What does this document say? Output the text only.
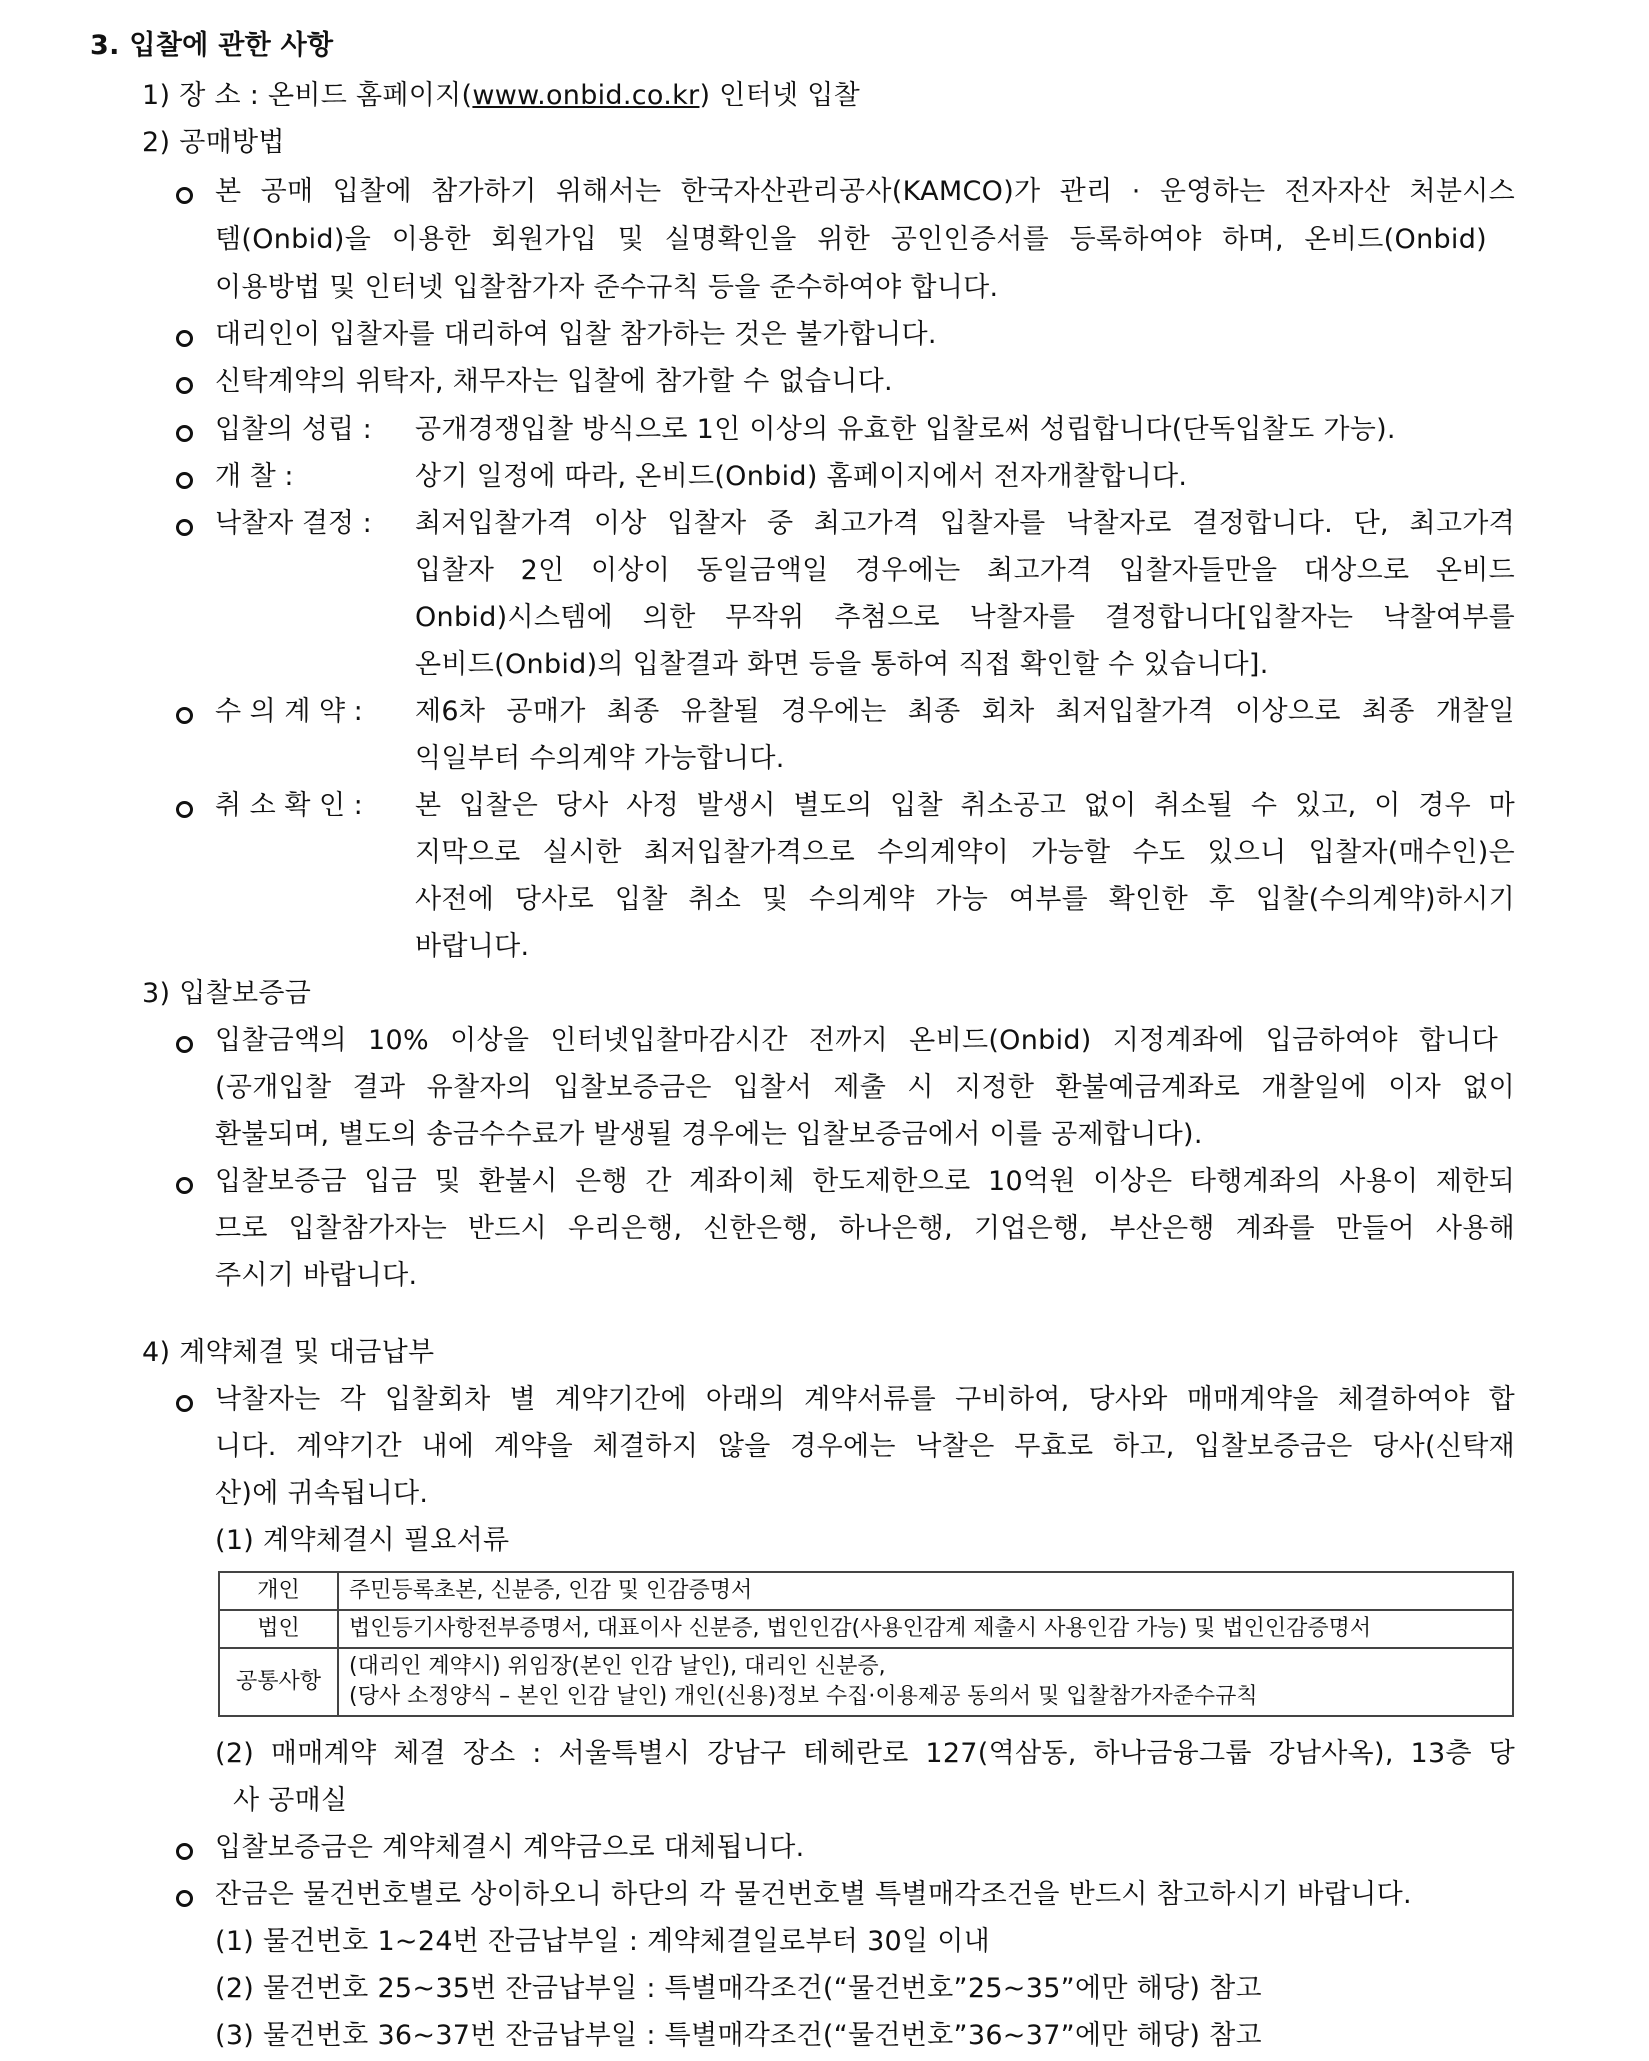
3. 입찰에 관한 사항
1) 장 소 : 온비드 홈페이지(www.onbid.co.kr) 인터넷 입찰
2) 공매방법
본 공매 입찰에 참가하기 위해서는 한국자산관리공사(KAMCO)가 관리 · 운영하는 전자자산 처분시스
템(Onbid)을 이용한 회원가입 및 실명확인을 위한 공인인증서를 등록하여야 하며, 온비드(Onbid)
이용방법 및 인터넷 입찰참가자 준수규칙 등을 준수하여야 합니다.
대리인이 입찰자를 대리하여 입찰 참가하는 것은 불가합니다.
신탁계약의 위탁자, 채무자는 입찰에 참가할 수 없습니다.
입찰의 성립 : 공개경쟁입찰 방식으로 1인 이상의 유효한 입찰로써 성립합니다(단독입찰도 가능).
개 찰 :	상기 일정에 따라, 온비드(Onbid) 홈페이지에서 전자개찰합니다.
낙찰자 결정 : 최저입찰가격 이상 입찰자 중 최고가격 입찰자를 낙찰자로 결정합니다. 단, 최고가격
입찰자 2인 이상이 동일금액일 경우에는 최고가격 입찰자들만을 대상으로 온비드
Onbid)시스템에 의한 무작위 추첨으로 낙찰자를 결정합니다[입찰자는 낙찰여부를
온비드(Onbid)의 입찰결과 화면 등을 통하여 직접 확인할 수 있습니다].
수 의 계 약 : 제6차 공매가 최종 유찰될 경우에는 최종 회차 최저입찰가격 이상으로 최종 개찰일
익일부터 수의계약 가능합니다.
취 소 확 인 : 본 입찰은 당사 사정 발생시 별도의 입찰 취소공고 없이 취소될 수 있고, 이 경우 마
지막으로 실시한 최저입찰가격으로 수의계약이 가능할 수도 있으니 입찰자(매수인)은
사전에 당사로 입찰 취소 및 수의계약 가능 여부를 확인한 후 입찰(수의계약)하시기
바랍니다.
3) 입찰보증금
입찰금액의 10% 이상을 인터넷입찰마감시간 전까지 온비드(Onbid) 지정계좌에 입금하여야 합니다
(공개입찰 결과 유찰자의 입찰보증금은 입찰서 제출 시 지정한 환불예금계좌로 개찰일에 이자 없이
환불되며, 별도의 송금수수료가 발생될 경우에는 입찰보증금에서 이를 공제합니다).
입찰보증금 입금 및 환불시 은행 간 계좌이체 한도제한으로 10억원 이상은 타행계좌의 사용이 제한되
므로 입찰참가자는 반드시 우리은행, 신한은행, 하나은행, 기업은행, 부산은행 계좌를 만들어 사용해
주시기 바랍니다.
4) 계약체결 및 대금납부
낙찰자는 각 입찰회차 별 계약기간에 아래의 계약서류를 구비하여, 당사와 매매계약을 체결하여야 합
니다. 계약기간 내에 계약을 체결하지 않을 경우에는 낙찰은 무효로 하고, 입찰보증금은 당사(신탁재
산)에 귀속됩니다.
(1) 계약체결시 필요서류
개인	주민등록초본, 신분증, 인감 및 인감증명서
법인	법인등기사항전부증명서, 대표이사 신분증, 법인인감(사용인감계 제출시 사용인감 가능) 및 법인인감증명서
공통사항	(대리인 계약시) 위임장(본인 인감 날인), 대리인 신분증,
(당사 소정양식 – 본인 인감 날인) 개인(신용)정보 수집·이용제공 동의서 및 입찰참가자준수규칙
(2) 매매계약 체결 장소 : 서울특별시 강남구 테헤란로 127(역삼동, 하나금융그룹 강남사옥), 13층 당
사 공매실
입찰보증금은 계약체결시 계약금으로 대체됩니다.
잔금은 물건번호별로 상이하오니 하단의 각 물건번호별 특별매각조건을 반드시 참고하시기 바랍니다.
(1) 물건번호 1~24번 잔금납부일 : 계약체결일로부터 30일 이내
(2) 물건번호 25~35번 잔금납부일 : 특별매각조건(“물건번호”25~35”에만 해당) 참고
(3) 물건번호 36~37번 잔금납부일 : 특별매각조건(“물건번호”36~37”에만 해당) 참고
